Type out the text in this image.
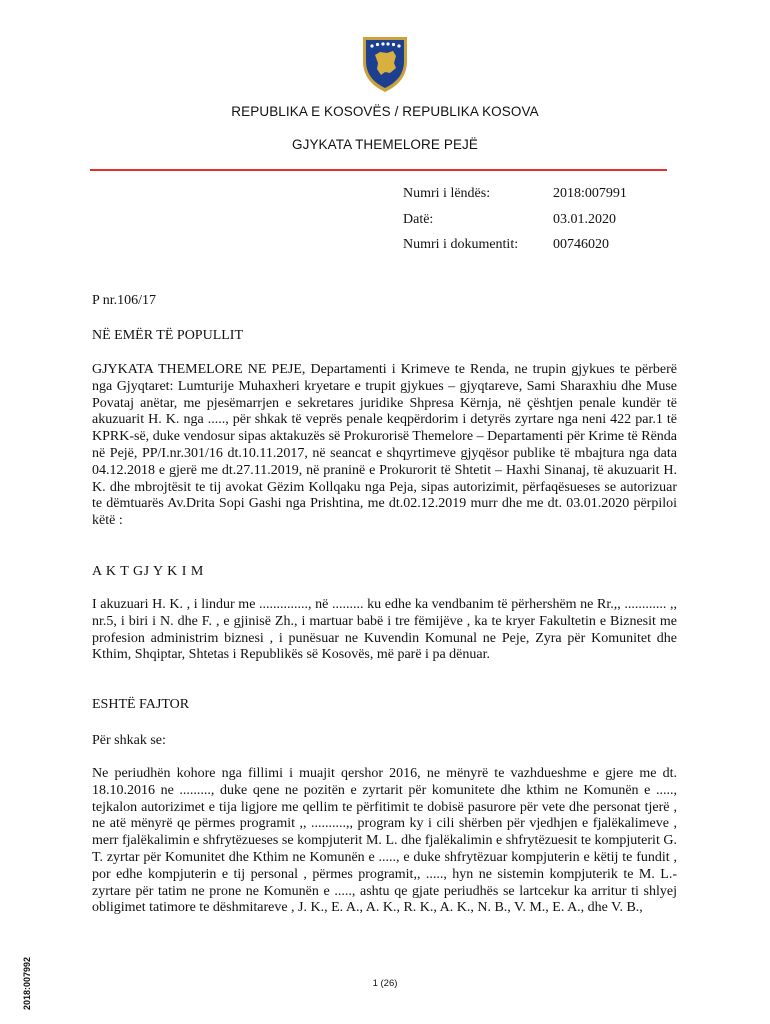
REPUBLIKA E KOSOVËS / REPUBLIKA KOSOVA
GJYKATA THEMELORE PEJË
Numri i lëndës:	2018:007991
Datë:	03.01.2020
Numri i dokumentit: 00746020
P nr.106/17
NË EMËR TË POPULLIT

GJYKATA THEMELORE NE PEJE, Departamenti i Krimeve te Renda, ne trupin gjykues te përberë nga Gjyqtaret: Lumturije Muhaxheri kryetare e trupit gjykues – gjyqtareve, Sami Sharaxhiu dhe Muse Povataj anëtar, me pjesëmarrjen e sekretares juridike Shpresa Kërnja, në çështjen penale kundër të akuzuarit H. K. nga ....., për shkak të veprës penale keqpërdorim i detyrës zyrtare nga neni 422 par.1 të KPRK-së, duke vendosur sipas aktakuzës së Prokurorisë Themelore – Departamenti për Krime të Rënda në Pejë, PP/I.nr.301/16 dt.10.11.2017, në seancat e shqyrtimeve gjyqësor publike të mbajtura nga data 04.12.2018 e gjerë me dt.27.11.2019, në praninë e Prokurorit të Shtetit – Haxhi Sinanaj, të akuzuarit H. K. dhe mbrojtësit te tij avokat Gëzim Kollqaku nga Peja, sipas autorizimit, përfaqësueses se autorizuar te dëmtuarës Av.Drita Sopi Gashi nga Prishtina, me dt.02.12.2019 murr dhe me dt. 03.01.2020 përpiloi këtë :

A K T GJ Y K I M

I akuzuari H. K. , i lindur me .............., në ......... ku edhe ka vendbanim të përhershëm ne Rr.,, ............ ,, nr.5, i biri i N. dhe F. , e gjinisë Zh., i martuar babë i tre fëmijëve , ka te kryer Fakultetin e Biznesit me profesion administrim biznesi , i punësuar ne Kuvendin Komunal ne Peje, Zyra për Komunitet dhe Kthim, Shqiptar, Shtetas i Republikës së Kosovës, më parë i pa dënuar.

ESHTË FAJTOR
Për shkak se:

Ne periudhën kohore nga fillimi i muajit qershor 2016, ne mënyrë te vazhdueshme e gjere me dt. 18.10.2016 ne ........., duke qene ne pozitën e zyrtarit për komunitete dhe kthim ne Komunën e ....., tejkalon autorizimet e tija ligjore me qellim te përfitimit te dobisë pasurore për vete dhe personat tjerë , ne atë mënyrë qe përmes programit ,, ..........,, program ky i cili shërben për vjedhjen e fjalëkalimeve , merr fjalëkalimin e shfrytëzueses se kompjuterit M. L. dhe fjalëkalimin e shfrytëzuesit te kompjuterit G. T. zyrtar për Komunitet dhe Kthim ne Komunën e ....., e duke shfrytëzuar kompjuterin e këtij te fundit , por edhe kompjuterin e tij personal , përmes programit,, ....., hyn ne sistemin kompjuterik te M. L.-zyrtare për tatim ne prone ne Komunën e ....., ashtu qe gjate periudhës se lartcekur ka arritur ti shlyej obligimet tatimore te dëshmitareve , J. K., E. A., A. K., R. K., A. K., N. B., V. M., E. A., dhe V. B.,

2018:007992	1 (26)
